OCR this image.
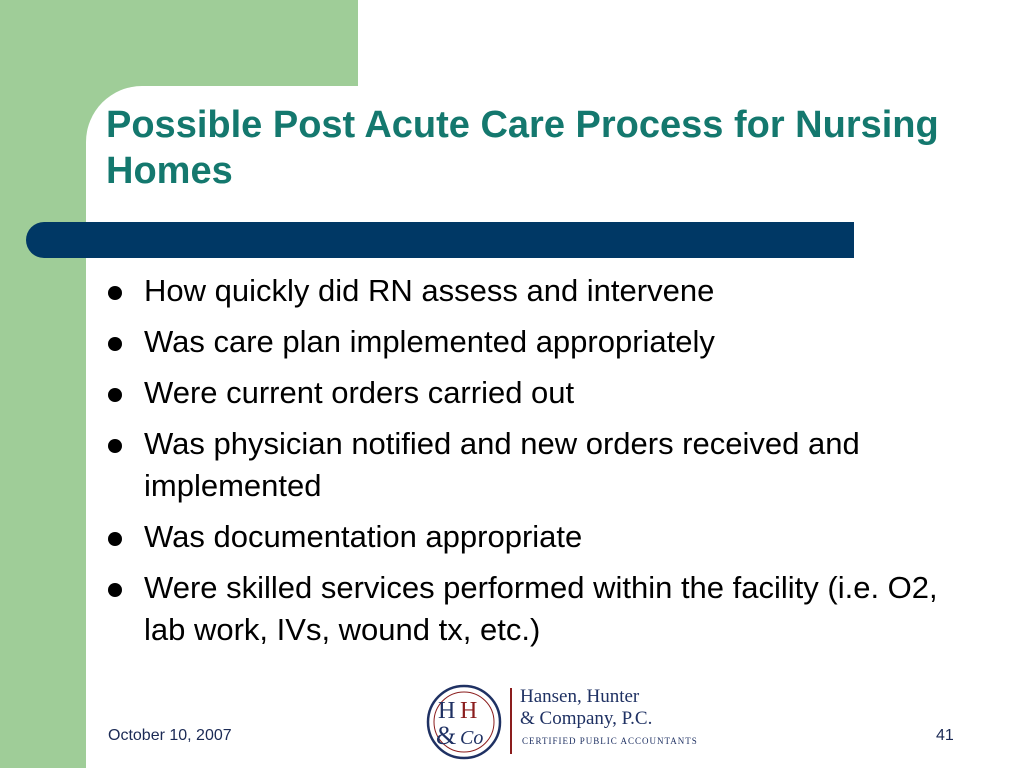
Possible Post Acute Care Process for Nursing Homes
How quickly did RN assess and intervene
Was care plan implemented appropriately
Were current orders carried out
Was physician notified and new orders received and implemented
Was documentation appropriate
Were skilled services performed within the facility (i.e. O2, lab work, IVs, wound tx, etc.)
H H
& Co
Hansen, Hunter
& Company, P.C.
CERTIFIED PUBLIC ACCOUNTANTS
October 10, 2007	41
